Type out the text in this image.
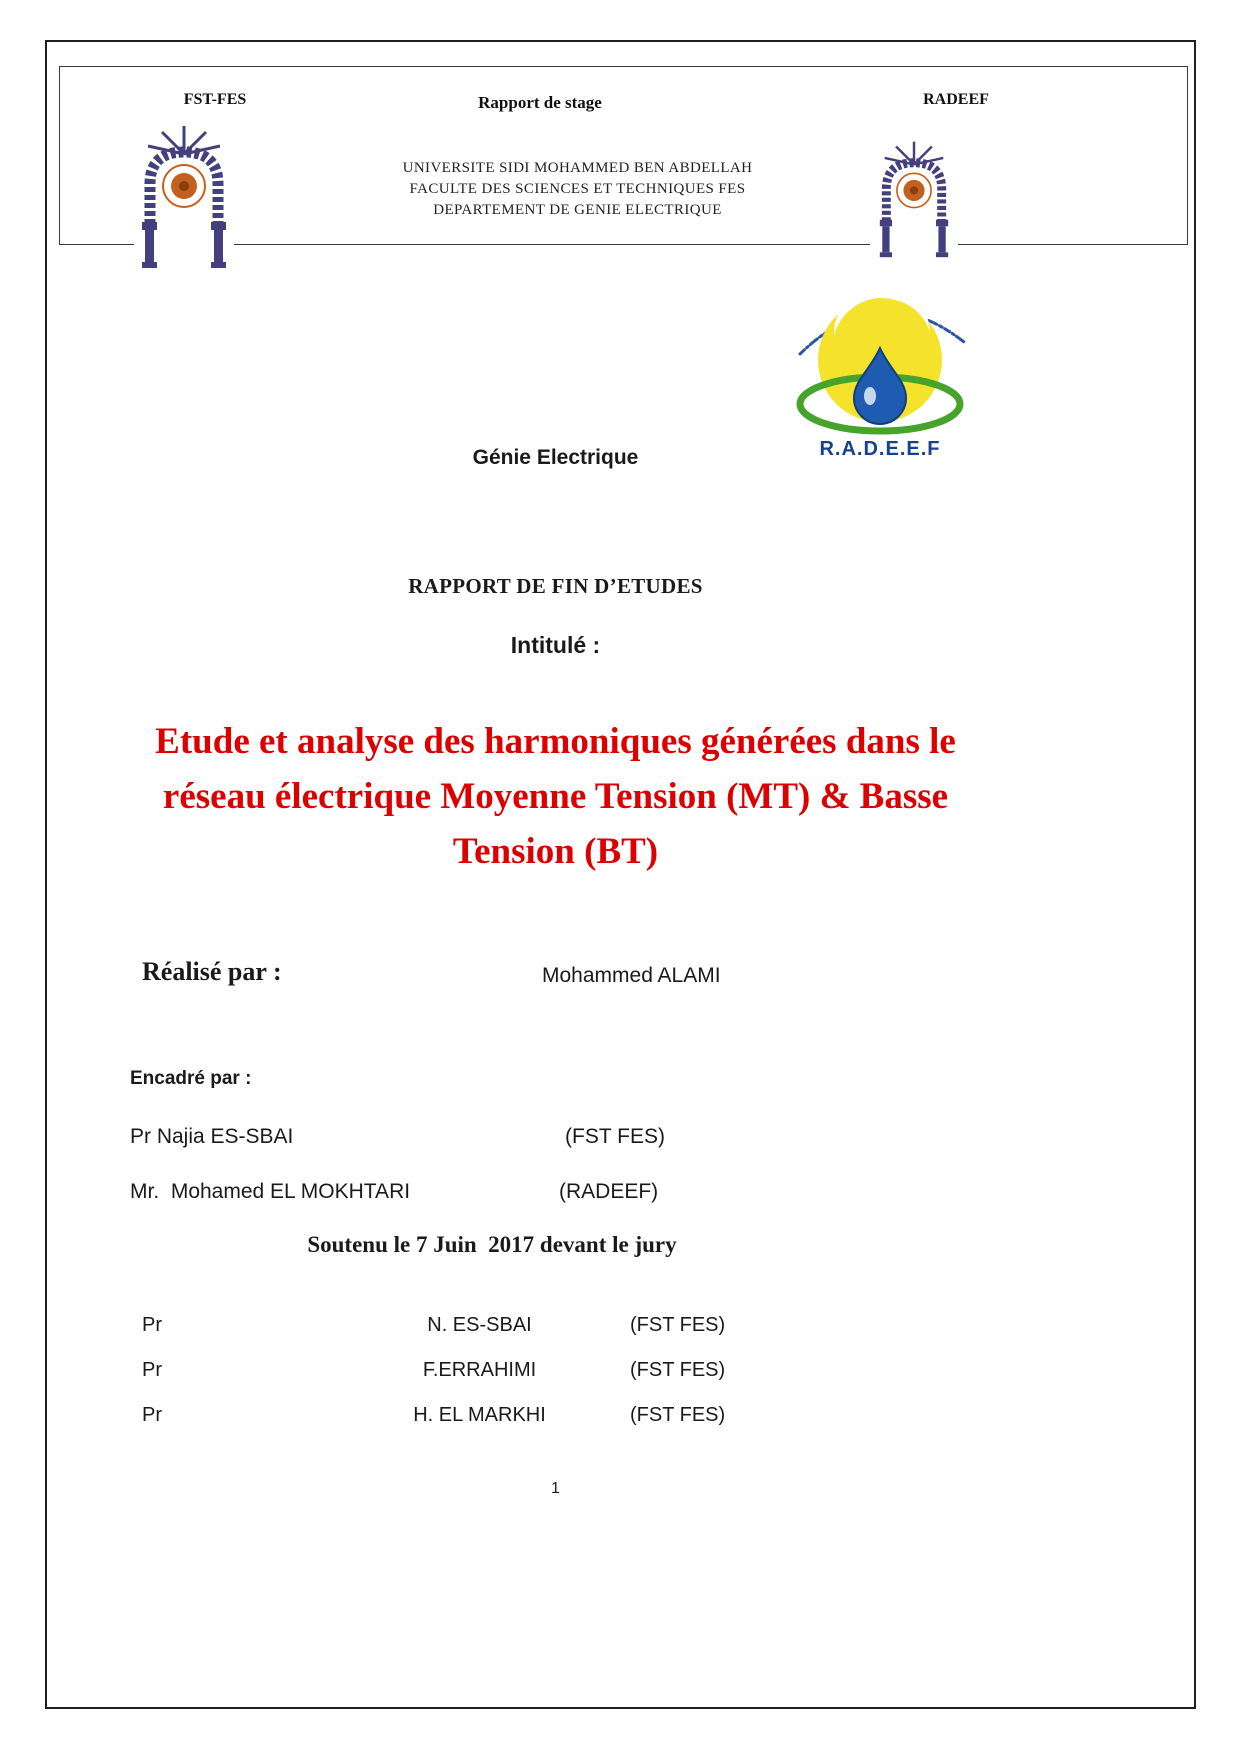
FST-FES	Rapport de stage
UNIVERSITE SIDI MOHAMMED BEN ABDELLAH
FACULTE DES SCIENCES ET TECHNIQUES FES
DEPARTEMENT DE GENIE ELECTRIQUE
RADEEF
R.A.D.E.E.F
Génie Electrique
RAPPORT DE FIN D’ETUDES
Intitulé :
Etude et analyse des harmoniques générées dans le
réseau électrique Moyenne Tension (MT) & Basse
Tension (BT)
Réalisé par :	Mohammed ALAMI
Encadré par :
Pr Najia ES-SBAI	(FST FES)
Mr.  Mohamed EL MOKHTARI	(RADEEF)
Soutenu le 7 Juin  2017 devant le jury
Pr	N. ES-SBAI	(FST FES)
Pr	F.ERRAHIMI	(FST FES)
Pr	H. EL MARKHI	(FST FES)
1
